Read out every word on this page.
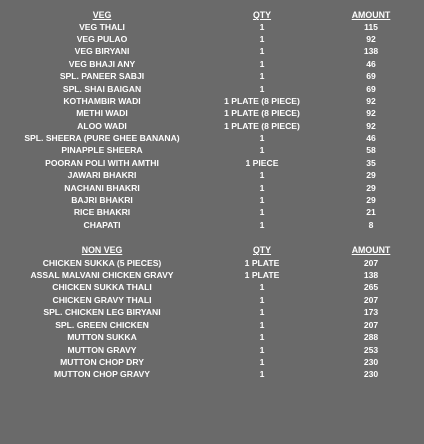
VEG	QTY	AMOUNT
VEG THALI	1	115
VEG PULAO	1	92
VEG BIRYANI	1	138
VEG BHAJI ANY	1	46
SPL. PANEER SABJI	1	69
SPL. SHAI BAIGAN	1	69
KOTHAMBIR WADI	1 PLATE (8 PIECE)	92
METHI WADI	1 PLATE (8 PIECE)	92
ALOO WADI	1 PLATE (8 PIECE)	92
SPL. SHEERA (PURE GHEE BANANA)	1	46
PINAPPLE SHEERA	1	58
POORAN POLI WITH AMTHI	1 PIECE	35
JAWARI BHAKRI	1	29
NACHANI BHAKRI	1	29
BAJRI BHAKRI	1	29
RICE BHAKRI	1	21
CHAPATI	1	8
NON VEG	QTY	AMOUNT
CHICKEN SUKKA (5 PIECES)	1 PLATE	207
ASSAL MALVANI CHICKEN GRAVY	1 PLATE	138
CHICKEN SUKKA THALI	1	265
CHICKEN GRAVY THALI	1	207
SPL. CHICKEN LEG BIRYANI	1	173
SPL. GREEN CHICKEN	1	207
MUTTON SUKKA	1	288
MUTTON GRAVY	1	253
MUTTON CHOP DRY	1	230
MUTTON CHOP GRAVY	1	230
